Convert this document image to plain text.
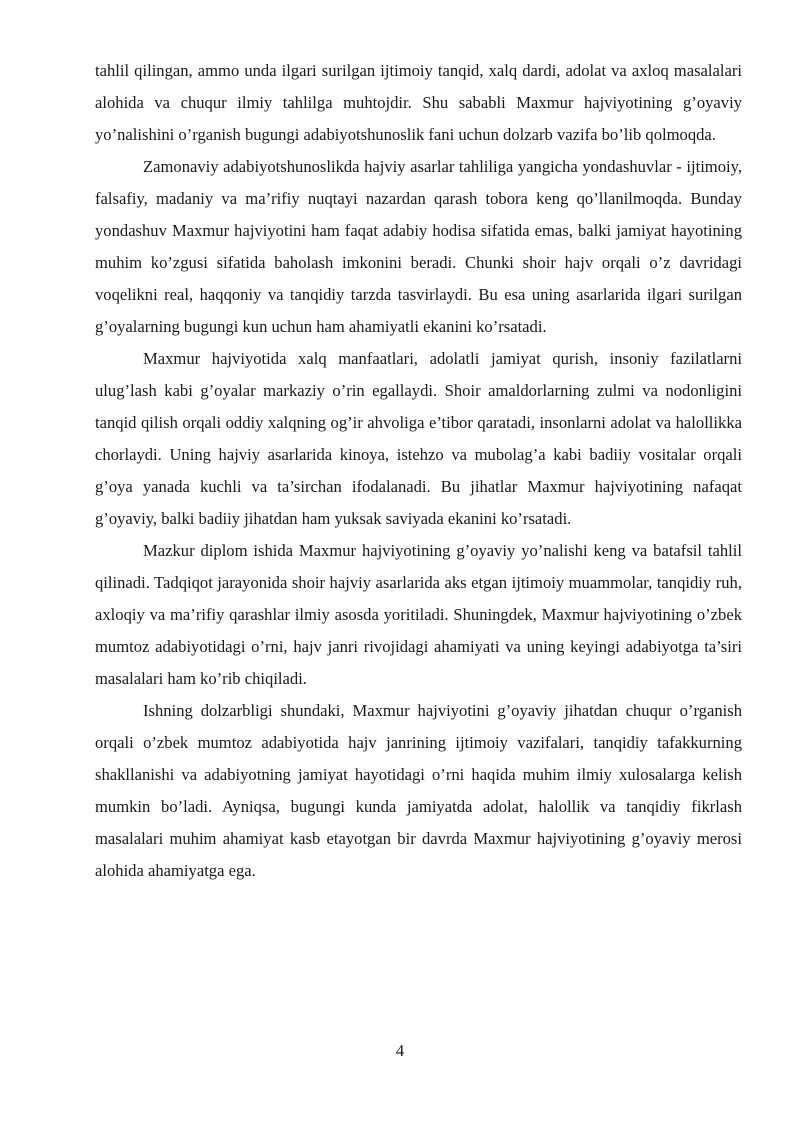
tahlil qilingan, ammo unda ilgari surilgan ijtimoiy tanqid, xalq dardi, adolat va axloq masalalari alohida va chuqur ilmiy tahlilga muhtojdir. Shu sababli Maxmur hajviyotining g’oyaviy yo’nalishini o’rganish bugungi adabiyotshunoslik fani uchun dolzarb vazifa bo’lib qolmoqda.

Zamonaviy adabiyotshunoslikda hajviy asarlar tahliliga yangicha yondashuvlar - ijtimoiy, falsafiy, madaniy va ma’rifiy nuqtayi nazardan qarash tobora keng qo’llanilmoqda. Bunday yondashuv Maxmur hajviyotini ham faqat adabiy hodisa sifatida emas, balki jamiyat hayotining muhim ko’zgusi sifatida baholash imkonini beradi. Chunki shoir hajv orqali o’z davridagi voqelikni real, haqqoniy va tanqidiy tarzda tasvirlaydi. Bu esa uning asarlarida ilgari surilgan g’oyalarning bugungi kun uchun ham ahamiyatli ekanini ko’rsatadi.

Maxmur hajviyotida xalq manfaatlari, adolatli jamiyat qurish, insoniy fazilatlarni ulug’lash kabi g’oyalar markaziy o’rin egallaydi. Shoir amaldorlarning zulmi va nodonligini tanqid qilish orqali oddiy xalqning og’ir ahvoliga e’tibor qaratadi, insonlarni adolat va halollikka chorlaydi. Uning hajviy asarlarida kinoya, istehzo va mubolag’a kabi badiiy vositalar orqali g’oya yanada kuchli va ta’sirchan ifodalanadi. Bu jihatlar Maxmur hajviyotining nafaqat g’oyaviy, balki badiiy jihatdan ham yuksak saviyada ekanini ko’rsatadi.

Mazkur diplom ishida Maxmur hajviyotining g’oyaviy yo’nalishi keng va batafsil tahlil qilinadi. Tadqiqot jarayonida shoir hajviy asarlarida aks etgan ijtimoiy muammolar, tanqidiy ruh, axloqiy va ma’rifiy qarashlar ilmiy asosda yoritiladi. Shuningdek, Maxmur hajviyotining o’zbek mumtoz adabiyotidagi o’rni, hajv janri rivojidagi ahamiyati va uning keyingi adabiyotga ta’siri masalalari ham ko’rib chiqiladi.

Ishning dolzarbligi shundaki, Maxmur hajviyotini g’oyaviy jihatdan chuqur o’rganish orqali o’zbek mumtoz adabiyotida hajv janrining ijtimoiy vazifalari, tanqidiy tafakkurning shakllanishi va adabiyotning jamiyat hayotidagi o’rni haqida muhim ilmiy xulosalarga kelish mumkin bo’ladi. Ayniqsa, bugungi kunda jamiyatda adolat, halollik va tanqidiy fikrlash masalalari muhim ahamiyat kasb etayotgan bir davrda Maxmur hajviyotining g’oyaviy merosi alohida ahamiyatga ega.

4
